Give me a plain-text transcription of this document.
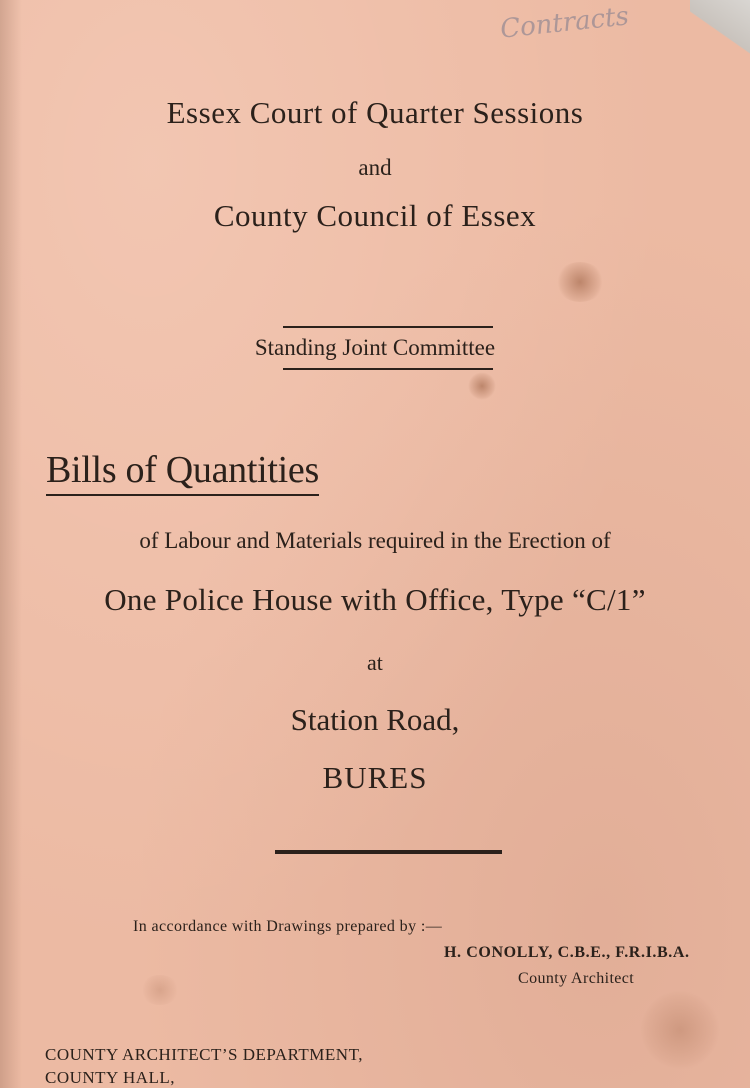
Contracts
Essex Court of Quarter Sessions
and
County Council of Essex
Standing Joint Committee
Bills of Quantities
of Labour and Materials required in the Erection of
One Police House with Office, Type “C/1”
at
Station Road,
BURES
In accordance with Drawings prepared by :—
H. CONOLLY, C.B.E., F.R.I.B.A.
County Architect
COUNTY ARCHITECT’S DEPARTMENT,
COUNTY HALL,
